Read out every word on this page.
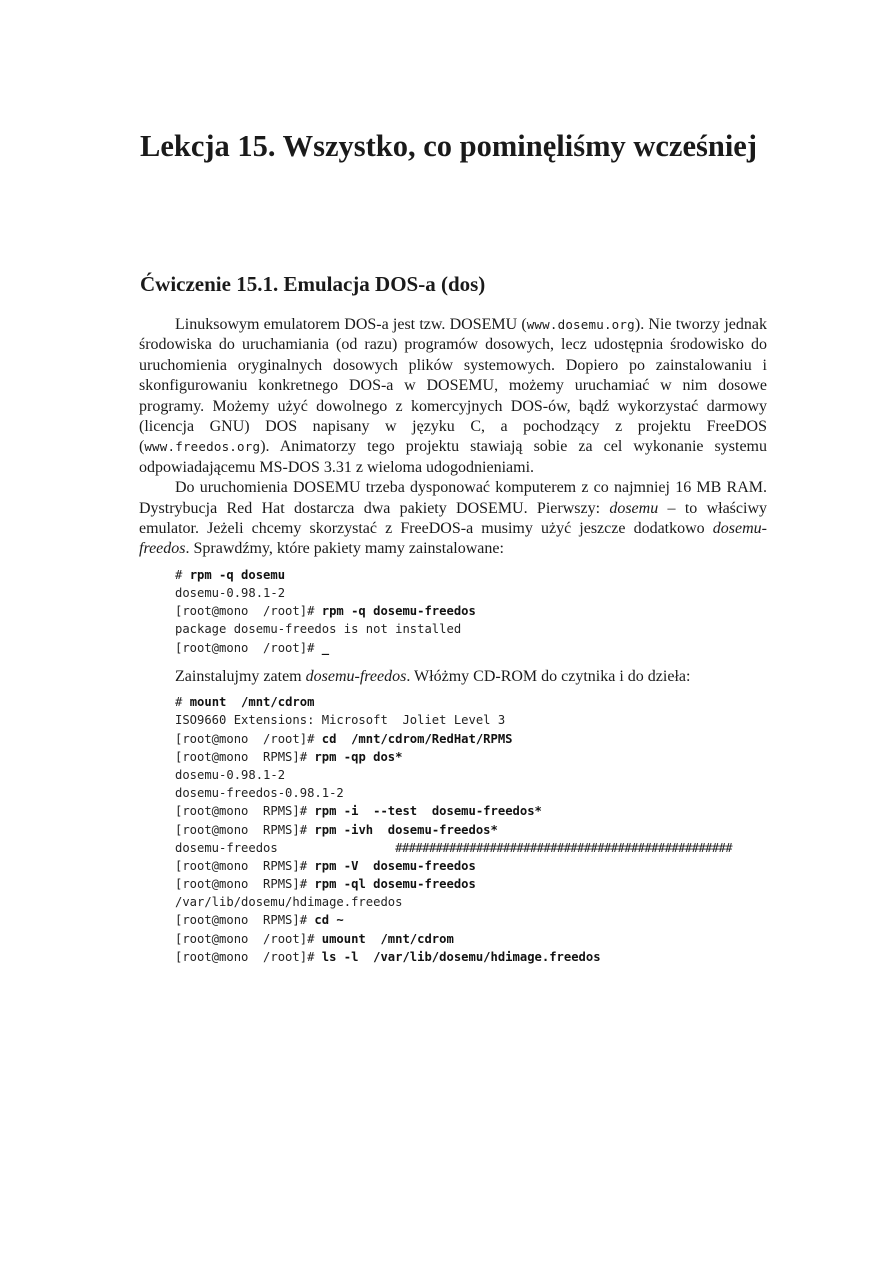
Lekcja 15. Wszystko, co pominęliśmy wcześniej
Ćwiczenie 15.1. Emulacja DOS-a (dos)

Linuksowym emulatorem DOS-a jest tzw. DOSEMU (www.dosemu.org). Nie tworzy jednak środowiska do uruchamiania (od razu) programów dosowych, lecz udostępnia środowisko do uruchomienia oryginalnych dosowych plików systemowych. Dopiero po zainstalowaniu i skonfigurowaniu konkretnego DOS-a w DOSEMU, możemy uruchamiać w nim dosowe programy. Możemy użyć dowolnego z komercyjnych DOS-ów, bądź wykorzystać darmowy (licencja GNU) DOS napisany w języku C, a pochodzący z projektu FreeDOS (www.freedos.org). Animatorzy tego projektu stawiają sobie za cel wykonanie systemu odpowiadającemu MS-DOS 3.31 z wieloma udogodnieniami.

Do uruchomienia DOSEMU trzeba dysponować komputerem z co najmniej 16 MB RAM. Dystrybucja Red Hat dostarcza dwa pakiety DOSEMU. Pierwszy: dosemu – to właściwy emulator. Jeżeli chcemy skorzystać z FreeDOS-a musimy użyć jeszcze dodatkowo dosemu-freedos. Sprawdźmy, które pakiety mamy zainstalowane:

# rpm -q dosemu
dosemu-0.98.1-2
[root@mono  /root]# rpm -q dosemu-freedos
package dosemu-freedos is not installed
[root@mono  /root]# _

Zainstalujmy zatem dosemu-freedos. Włóżmy CD-ROM do czytnika i do dzieła:

# mount  /mnt/cdrom
ISO9660 Extensions: Microsoft  Joliet Level 3
[root@mono  /root]# cd  /mnt/cdrom/RedHat/RPMS
[root@mono  RPMS]# rpm -qp dos*
dosemu-0.98.1-2
dosemu-freedos-0.98.1-2
[root@mono  RPMS]# rpm -i  --test  dosemu-freedos*
[root@mono  RPMS]# rpm -ivh  dosemu-freedos*
dosemu-freedos                ##################################################
[root@mono  RPMS]# rpm -V  dosemu-freedos
[root@mono  RPMS]# rpm -ql dosemu-freedos
/var/lib/dosemu/hdimage.freedos
[root@mono  RPMS]# cd ~
[root@mono  /root]# umount  /mnt/cdrom
[root@mono  /root]# ls -l  /var/lib/dosemu/hdimage.freedos
